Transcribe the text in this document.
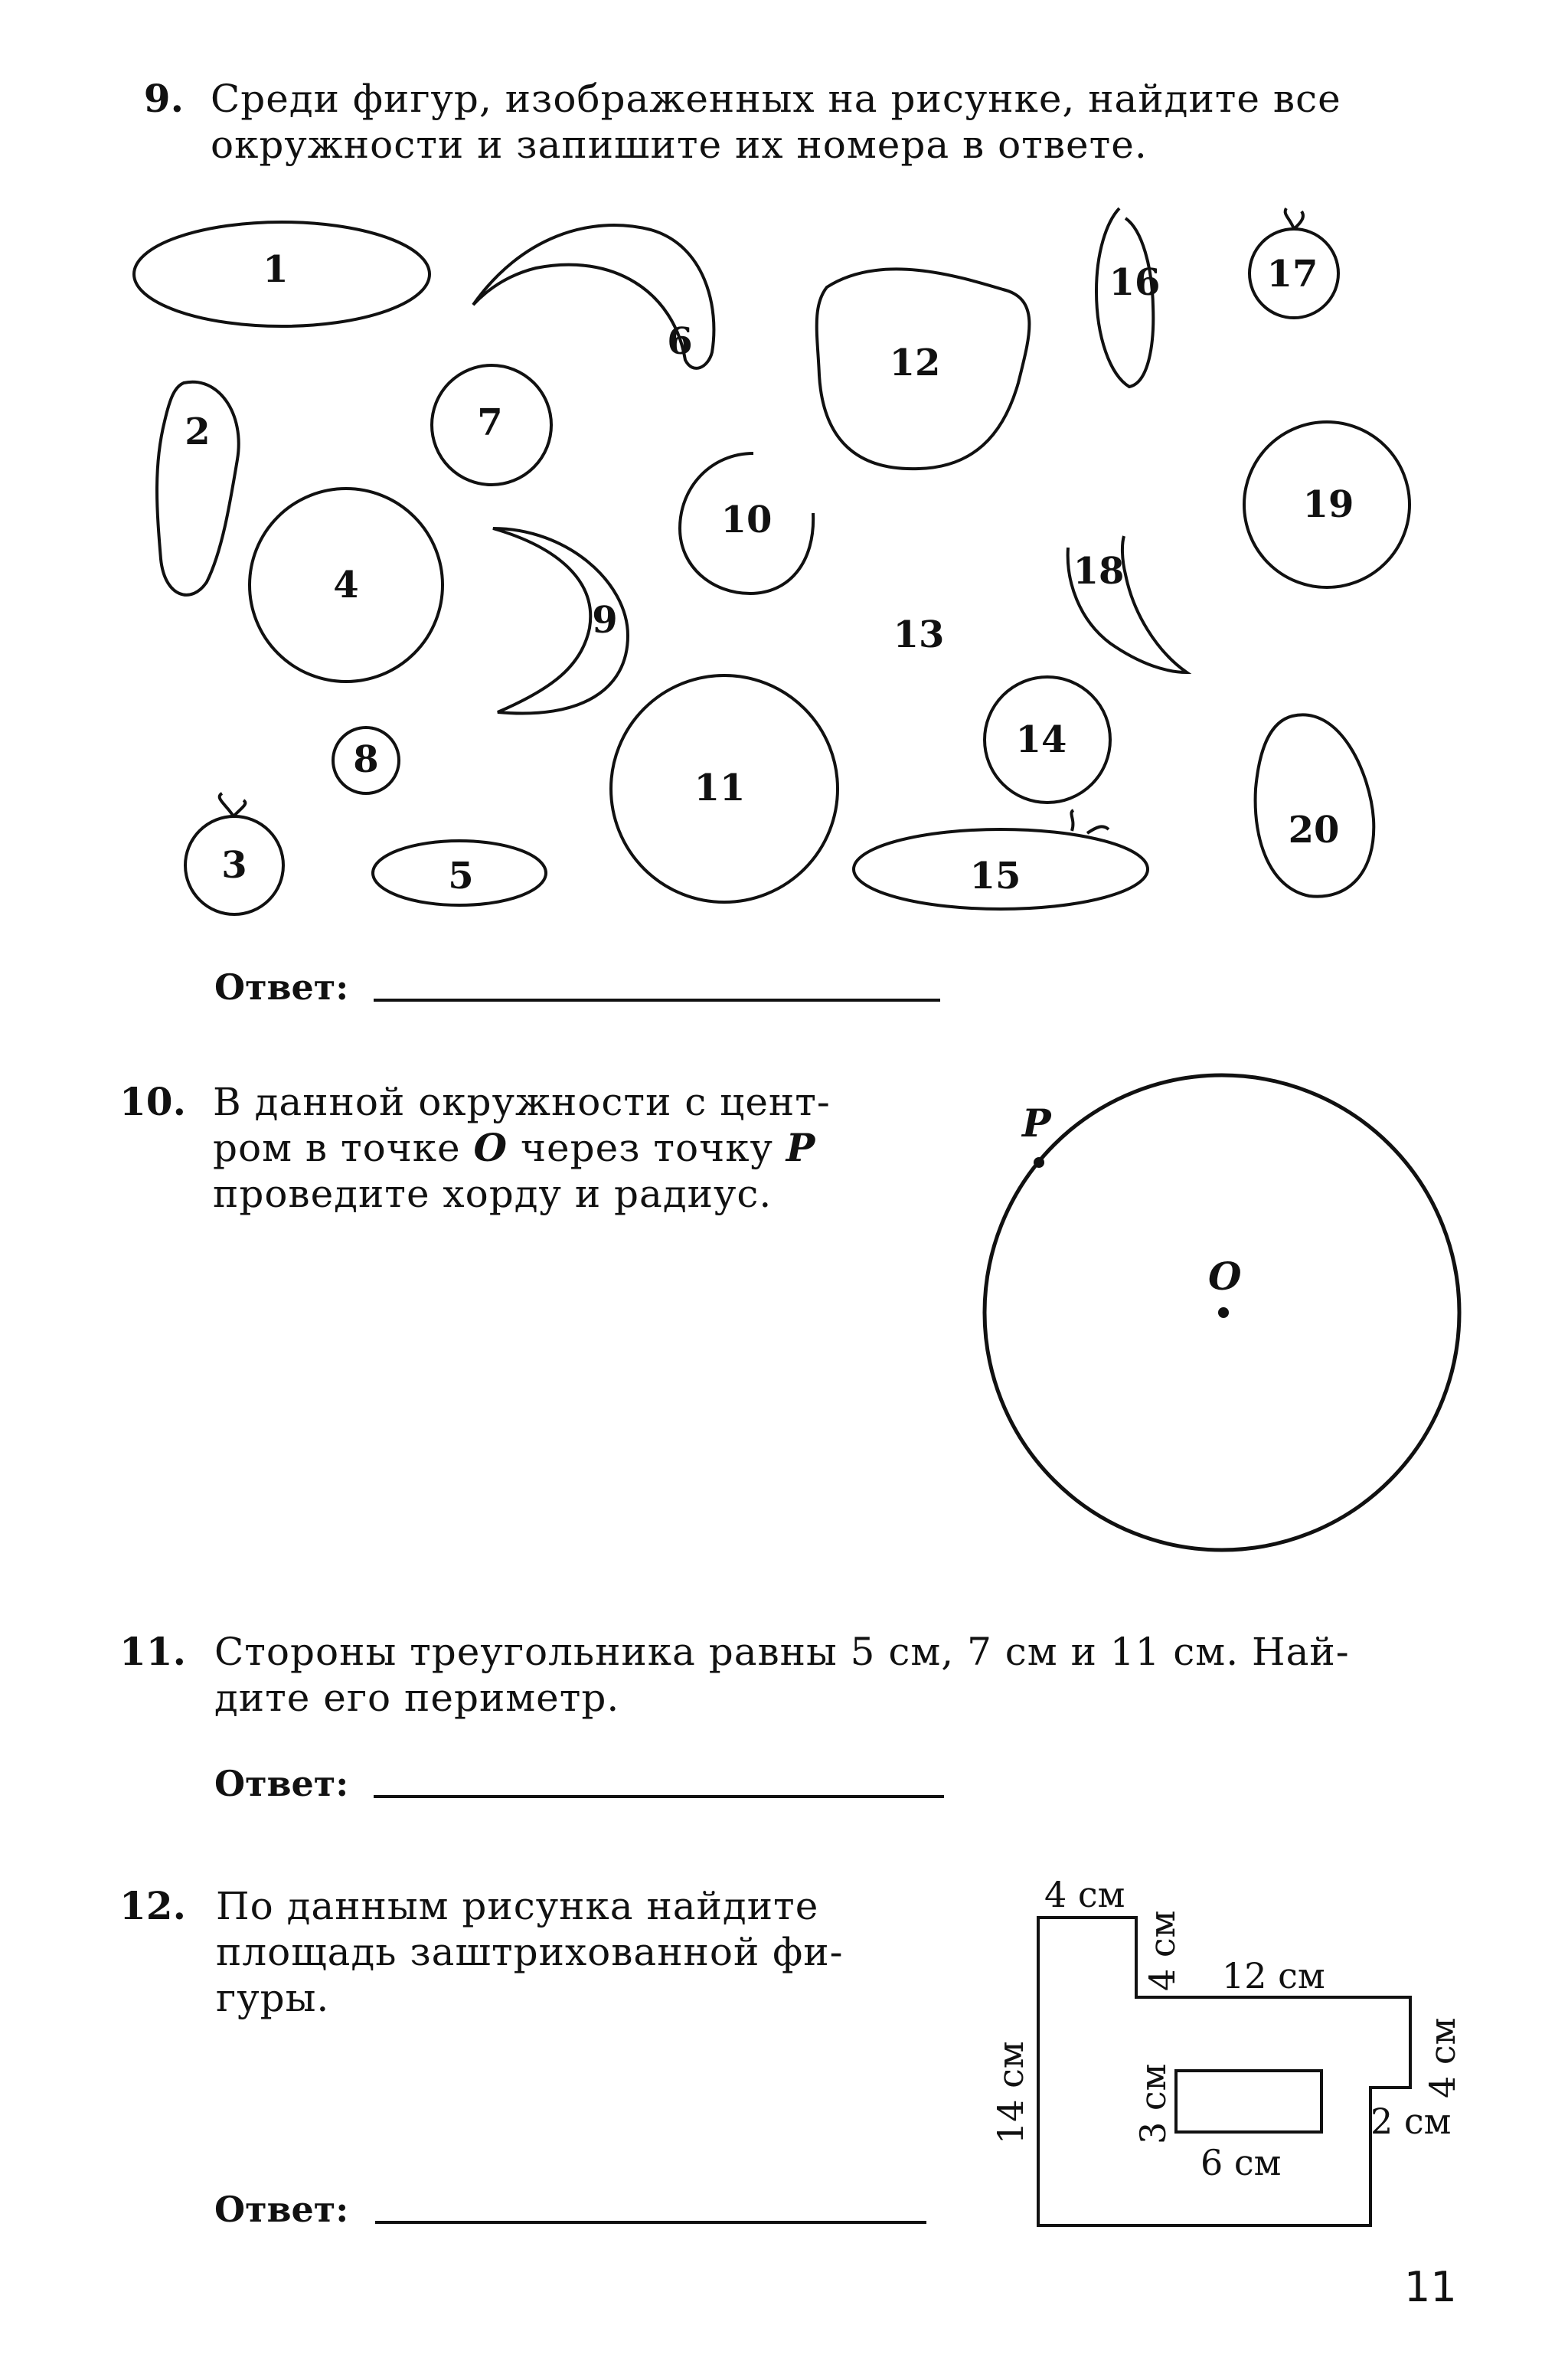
9. Среди фигур, изображенных на рисунке, найдите все
окружности и запишите их номера в ответе.
1
2
3
4
5
6
7
8
9
10
11
12
13
14
15
16	17
18
19
20
Ответ:
10. В данной окружности с цент-
ром в точке O через точку P
проведите хорду и радиус.
P
O
11. Стороны треугольника равны 5 см, 7 см и 11 см. Най-
дите его периметр.
Ответ:
12. По данным рисунка найдите
площадь заштрихованной фи-
гуры.
Ответ:
4 см
4 см 12 см
4 см
14 см	3 см
6 см
2 см
11
